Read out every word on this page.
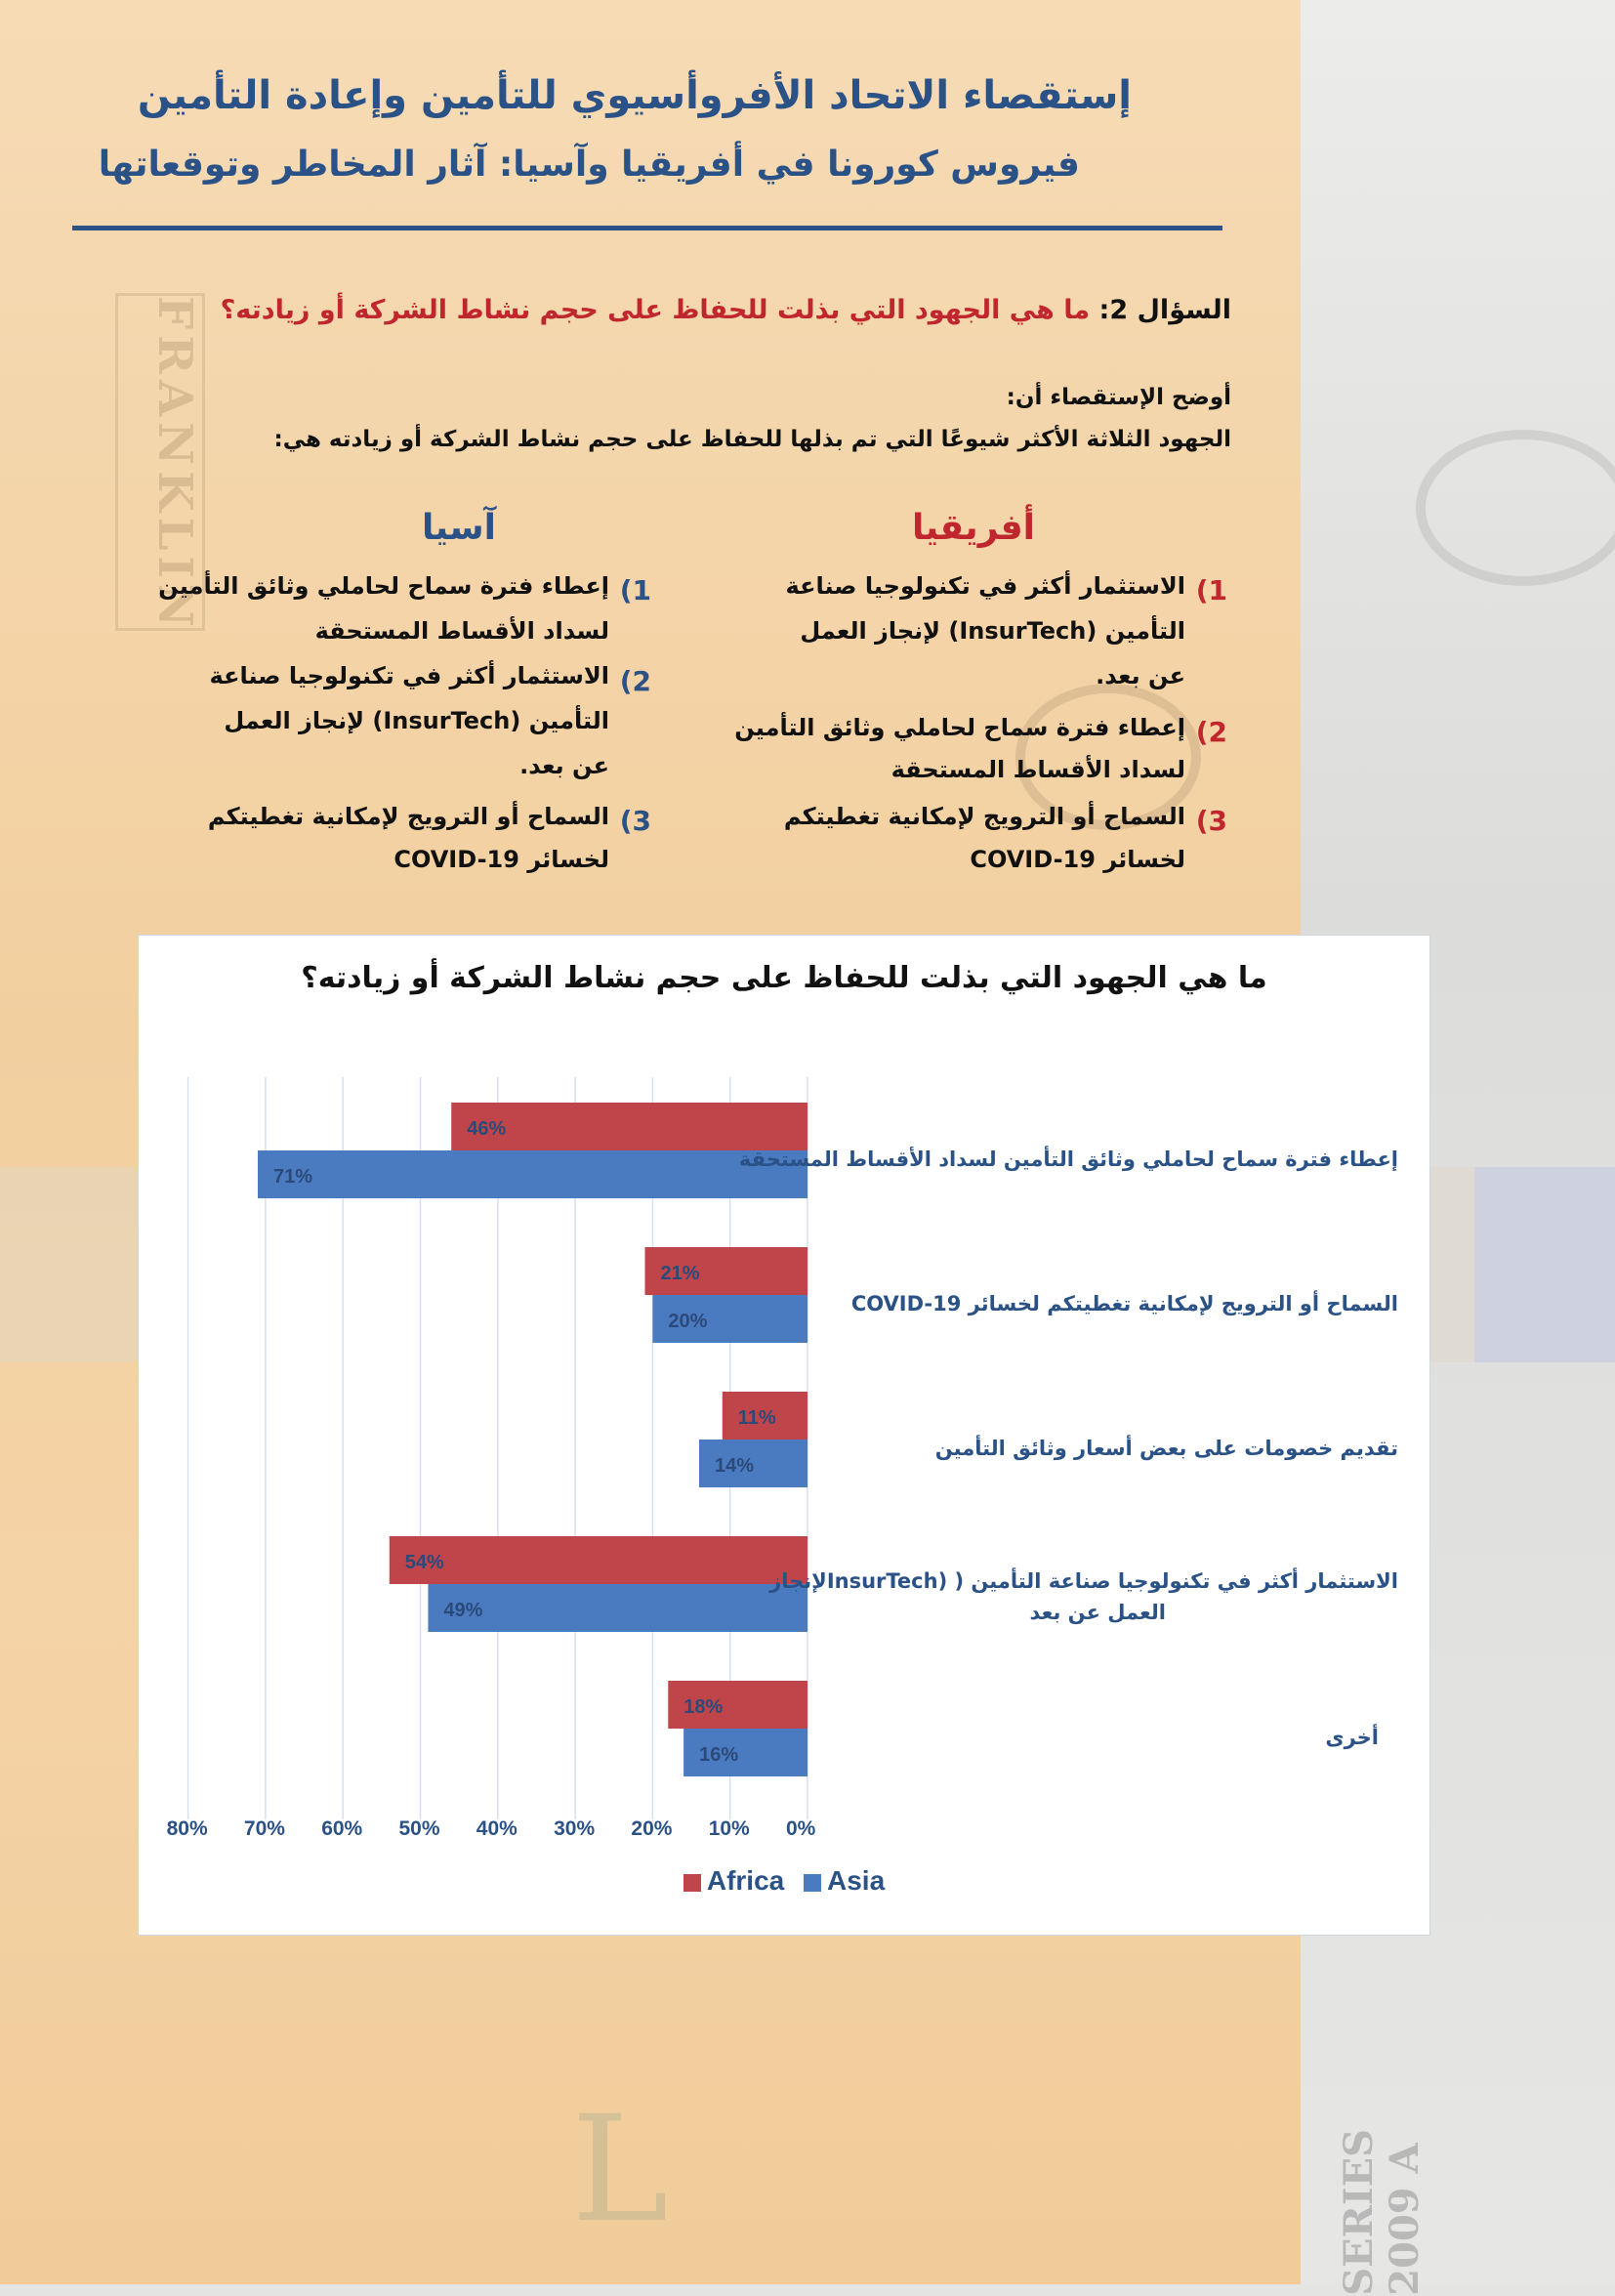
FRANKLIN
SERIES 2009 A
L
إستقصاء الاتحاد الأفروأسيوي للتأمين وإعادة التأمين
فيروس كورونا في أفريقيا وآسيا: آثار المخاطر وتوقعاتها
السؤال 2: ما هي الجهود التي بذلت للحفاظ على حجم نشاط الشركة أو زيادته؟
أوضح الإستقصاء أن:
الجهود الثلاثة الأكثر شيوعًا التي تم بذلها للحفاظ على حجم نشاط الشركة أو زيادته هي:
أفريقيا
آسيا
1)
الاستثمار أكثر في تكنولوجيا صناعة
التأمين (InsurTech) لإنجاز العمل
عن بعد.
2)
إعطاء فترة سماح لحاملي وثائق التأمين
لسداد الأقساط المستحقة
3)
السماح أو الترويج لإمكانية تغطيتكم
لخسائر COVID-19
1)
إعطاء فترة سماح لحاملي وثائق التأمين
لسداد الأقساط المستحقة
2)
الاستثمار أكثر في تكنولوجيا صناعة
التأمين (InsurTech) لإنجاز العمل
عن بعد.
3)
السماح أو الترويج لإمكانية تغطيتكم
لخسائر COVID-19
ما هي الجهود التي بذلت للحفاظ على حجم نشاط الشركة أو زيادته؟
46%
21%
11%
54%
18%
71%
20%
14%
49%
16%
0%
10%
20%
30%
40%
50%
60%
70%
80%
إعطاء فترة سماح لحاملي وثائق التأمين لسداد الأقساط المستحقة
السماح أو الترويج لإمكانية تغطيتكم لخسائر COVID-19
تقديم خصومات على بعض أسعار وثائق التأمين
الاستثمار أكثر في تكنولوجيا صناعة التأمين ( (InsurTechلإنجاز
العمل عن بعد
أخرى
Africa Asia
